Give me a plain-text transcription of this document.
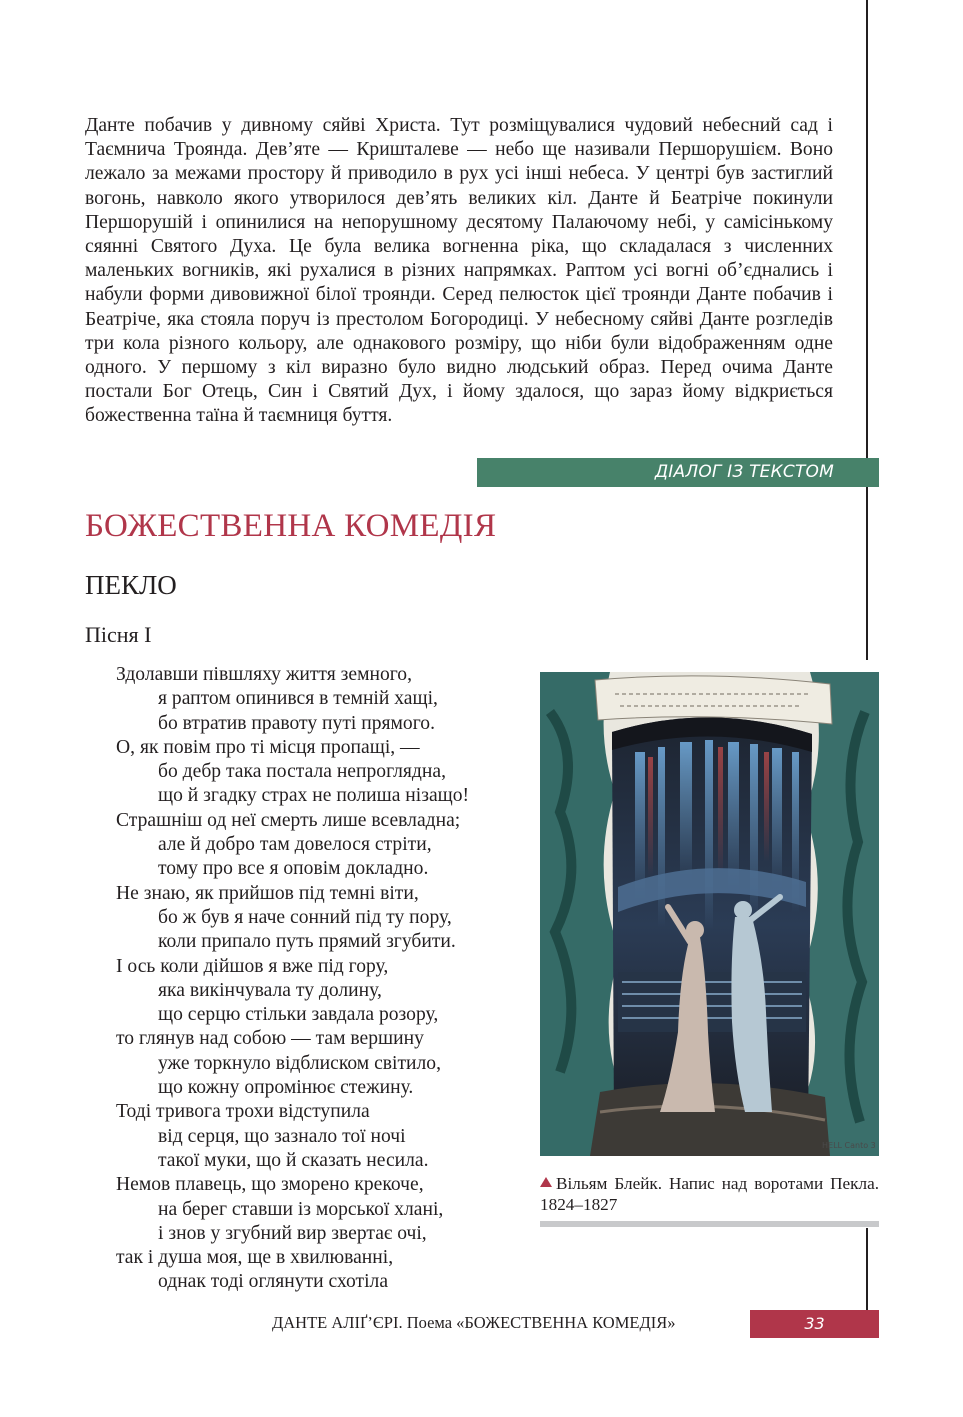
Данте побачив у дивному сяйві Христа. Тут розміщувалися чудовий небесний сад і Таємнича Троянда. Дев’яте — Кришталеве — небо ще називали Першорушієм. Воно лежало за межами простору й приводило в рух усі інші небеса. У центрі був застиглий вогонь, навколо якого утворилося дев’ять великих кіл. Данте й Беатріче покинули Першорушій і опинилися на непорушному десятому Палаючому небі, у самісінькому сяянні Святого Духа. Це була велика вогненна ріка, що складалася з численних маленьких вогників, які рухалися в різних напрямках. Раптом усі вогні об’єднались і набули форми дивовижної білої троянди. Серед пелюсток цієї троянди Данте побачив і Беатріче, яка стояла поруч із престолом Богородиці. У небесному сяйві Данте розгледів три кола різного кольору, але однакового розміру, що ніби були відображенням одне одного. У першому з кіл виразно було видно людський образ. Перед очима Данте постали Бог Отець, Син і Святий Дух, і йому здалося, що зараз йому відкриється божественна таїна й таємниця буття.

ДІАЛОГ ІЗ ТЕКСТОМ
БОЖЕСТВЕННА КОМЕДІЯ
ПЕКЛО
Пісня І
Здолавши півшляху життя земного,
я раптом опинився в темній хащі,
бо втратив правоту путі прямого.
О, як повім про ті місця пропащі, —
бо дебр така постала непроглядна,
що й згадку страх не полиша нізащо!
Страшніш од неї смерть лише всевладна;
але й добро там довелося стріти,
тому про все я оповім докладно.
Не знаю, як прийшов під темні віти,
бо ж був я наче сонний під ту пору,
коли припало путь прямий згубити.
І ось коли дійшов я вже під гору,
яка викінчувала ту долину,
що серцю стільки завдала розору,
то глянув над собою — там вершину
уже торкнуло відблиском світило,
що кожну опромінює стежину.
Тоді тривога трохи відступила
від серця, що зазнало тої ночі
такої муки, що й сказать несила.
Немов плавець, що зморено крекоче,
на берег ставши із морської хлані,
і знов у згубний вир звертає очі,
так і душа моя, ще в хвилюванні,
однак тоді оглянути схотіла
HELL Canto 3
Вільям Блейк. Напис над воротами Пекла. 1824–1827
ДАНТЕ АЛІҐ’ЄРІ. Поема «БОЖЕСТВЕННА КОМЕДІЯ»	33
